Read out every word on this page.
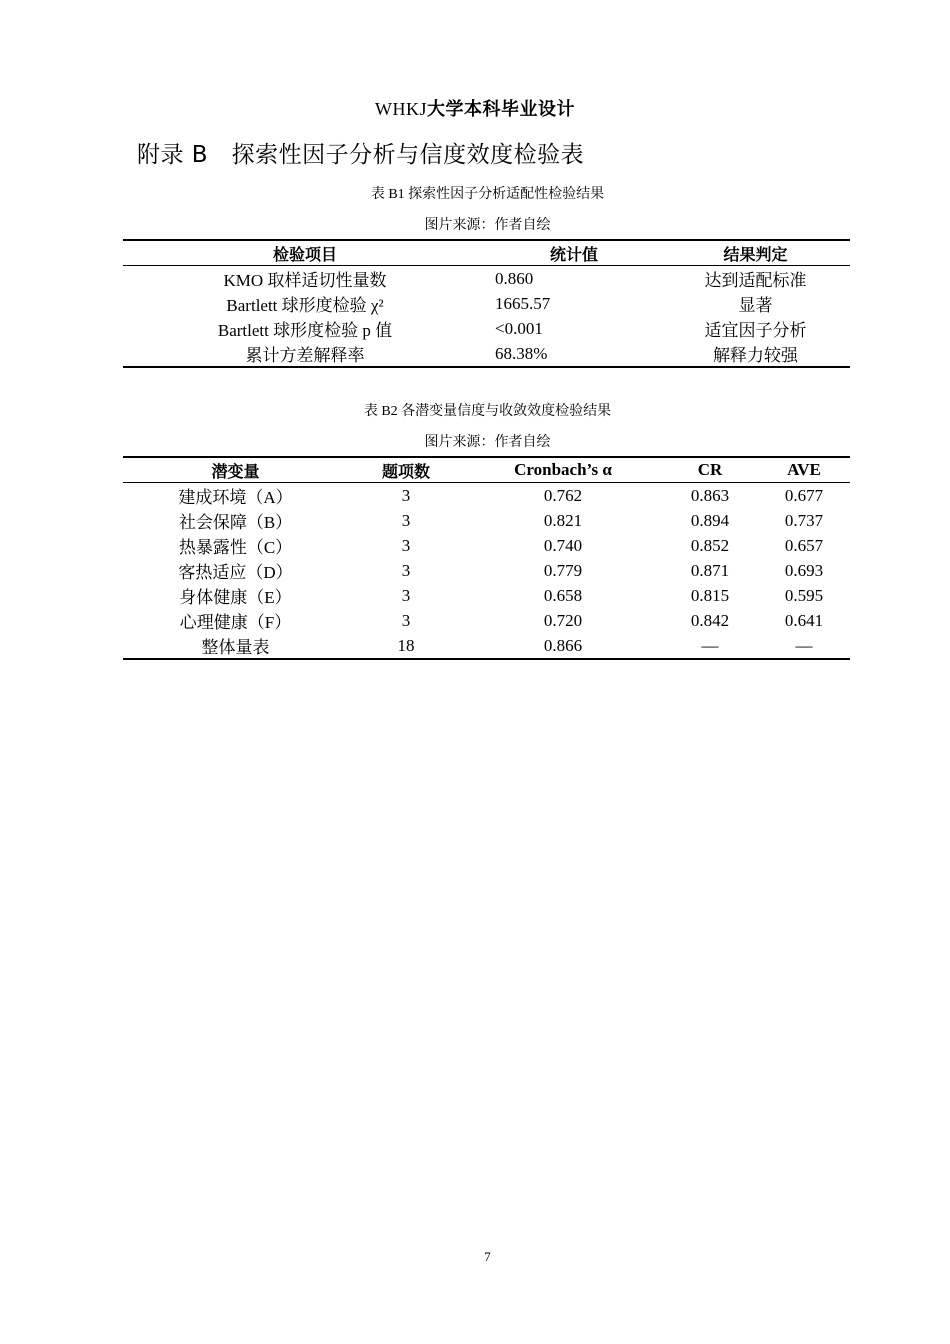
WHKJ大学本科毕业设计
附录 B　探索性因子分析与信度效度检验表
表 B1 探索性因子分析适配性检验结果
图片来源：作者自绘
检验项目	统计值	结果判定
KMO 取样适切性量数	0.860	达到适配标准
Bartlett 球形度检验 χ²	1665.57	显著
Bartlett 球形度检验 p 值	<0.001	适宜因子分析
累计方差解释率	68.38%	解释力较强
表 B2 各潜变量信度与收敛效度检验结果
图片来源：作者自绘
潜变量	题项数	Cronbach’s α	CR	AVE
建成环境（A）	3	0.762	0.863	0.677
社会保障（B）	3	0.821	0.894	0.737
热暴露性（C）	3	0.740	0.852	0.657
客热适应（D）	3	0.779	0.871	0.693
身体健康（E）	3	0.658	0.815	0.595
心理健康（F）	3	0.720	0.842	0.641
整体量表	18	0.866	—	—
7
